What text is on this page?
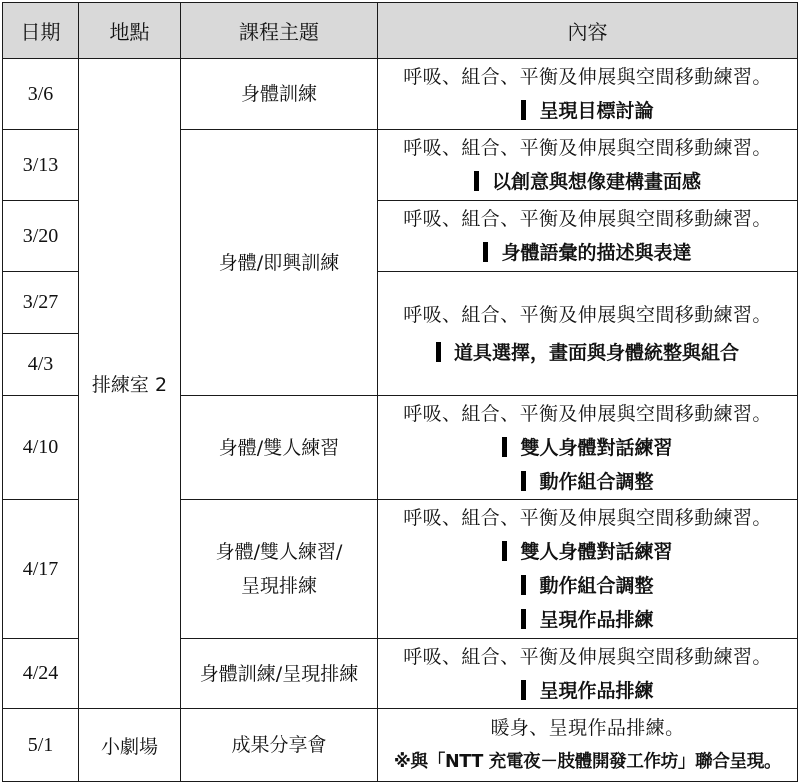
日期	地點	課程主題	內容
3/6	排練室 2	身體訓練	呼吸、組合、平衡及伸展與空間移動練習。
呈現目標討論

3/13		身體/即興訓練	呼吸、組合、平衡及伸展與空間移動練習。
以創意與想像建構畫面感

3/20			呼吸、組合、平衡及伸展與空間移動練習。
身體語彙的描述與表達

3/27			呼吸、組合、平衡及伸展與空間移動練習。
道具選擇，畫面與身體統整與組合

4/3			
4/10		身體/雙人練習	呼吸、組合、平衡及伸展與空間移動練習。
雙人身體對話練習
動作組合調整

4/17		身體/雙人練習/
呈現排練	呼吸、組合、平衡及伸展與空間移動練習。
雙人身體對話練習
動作組合調整
呈現作品排練

4/24		身體訓練/呈現排練	呼吸、組合、平衡及伸展與空間移動練習。
呈現作品排練

5/1	小劇場	成果分享會	暖身、呈現作品排練。
※與「NTT 充電夜－肢體開發工作坊」聯合呈現。
